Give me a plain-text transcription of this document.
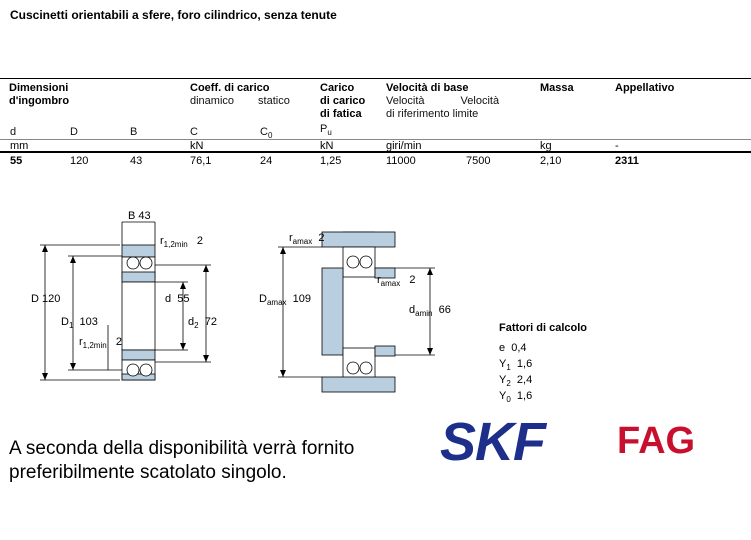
Cuscinetti orientabili a sfere, foro cilindrico, senza tenute
Dimensioni
d'ingombro
Coeff. di carico
dinamico statico
Carico
di carico
di fatica
Velocità di base
Velocità	Velocità
di riferimento limite
Massa	Appellativo
d	D	B	C	$C_0$
$P_u$
mm	kN	kN	giri/min	kg	-
55	120	43	76,1	24	1,25	11000	7500	2,10	2311
B 43
$r_{1,2min}$ 2
D 120	d 55
$D_1$ 103	$d_2$ 72
$r_{1,2min}$ 2
$r_{amax}$ 2
$r_{amax}$ 2
$D_{amax}$ 109
$d_{amin}$ 66
Fattori di calcolo
e 0,4
$Y_1$ 1,6
$Y_2$ 2,4
$Y_0$ 1,6
A seconda della disponibilità verrà fornito
preferibilmente scatolato singolo.
SKF FAG
